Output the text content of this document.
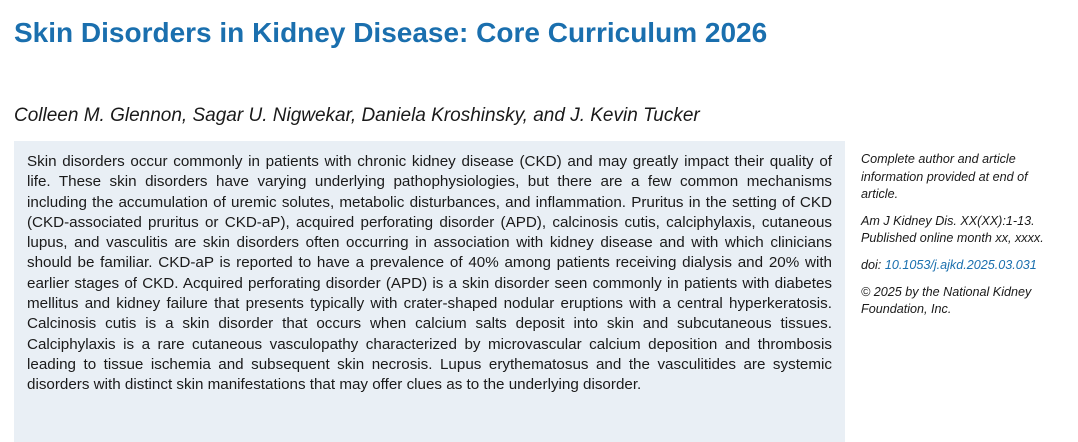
Skin Disorders in Kidney Disease: Core Curriculum 2026

Colleen M. Glennon, Sagar U. Nigwekar, Daniela Kroshinsky, and J. Kevin Tucker

Skin disorders occur commonly in patients with chronic kidney disease (CKD) and may greatly impact their quality of life. These skin disorders have varying underlying pathophysiologies, but there are a few common mechanisms including the accumulation of uremic solutes, metabolic disturbances, and inflammation. Pruritus in the setting of CKD (CKD-associated pruritus or CKD-aP), acquired perforating disorder (APD), calcinosis cutis, calciphylaxis, cutaneous lupus, and vasculitis are skin disorders often occurring in association with kidney disease and with which clinicians should be familiar. CKD-aP is reported to have a prevalence of 40% among patients receiving dialysis and 20% with earlier stages of CKD. Acquired perforating disorder (APD) is a skin disorder seen commonly in patients with diabetes mellitus and kidney failure that presents typically with crater-shaped nodular eruptions with a central hyperkeratosis. Calcinosis cutis is a skin disorder that occurs when calcium salts deposit into skin and subcutaneous tissues. Calciphylaxis is a rare cutaneous vasculopathy characterized by microvascular calcium deposition and thrombosis leading to tissue ischemia and subsequent skin necrosis. Lupus erythematosus and the vasculitides are systemic disorders with distinct skin manifestations that may offer clues as to the underlying disorder.

Complete author and article information provided at end of article.

Am J Kidney Dis. XX(XX):1-13. Published online month xx, xxxx.

doi: 10.1053/j.ajkd.2025.03.031

© 2025 by the National Kidney Foundation, Inc.
